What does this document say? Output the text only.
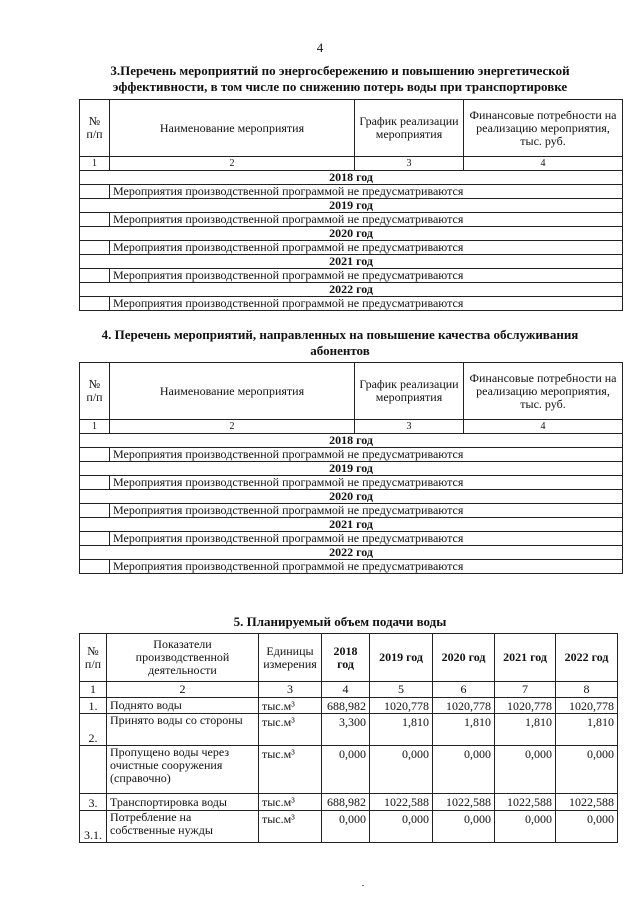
4
3.Перечень мероприятий по энергосбережению и повышению энергетической эффективности, в том числе по снижению потерь воды при транспортировке
№ п/п	Наименование мероприятия	График реализации мероприятия	Финансовые потребности на реализацию мероприятия, тыс. руб.
1	2	3	4
2018 год			
	Мероприятия производственной программой не предусматриваются		
2019 год			
	Мероприятия производственной программой не предусматриваются		
2020 год			
	Мероприятия производственной программой не предусматриваются		
2021 год			
	Мероприятия производственной программой не предусматриваются		
2022 год			
	Мероприятия производственной программой не предусматриваются		
4. Перечень мероприятий, направленных на повышение качества обслуживания абонентов
№ п/п	Наименование мероприятия	График реализации мероприятия	Финансовые потребности на реализацию мероприятия, тыс. руб.
1	2	3	4
2018 год			
	Мероприятия производственной программой не предусматриваются		
2019 год			
	Мероприятия производственной программой не предусматриваются		
2020 год			
	Мероприятия производственной программой не предусматриваются		
2021 год			
	Мероприятия производственной программой не предусматриваются		
2022 год			
	Мероприятия производственной программой не предусматриваются		
5. Планируемый объем подачи воды
№ п/п	Показатели производственной деятельности	Единицы измерения	2018 год	2019 год	2020 год	2021 год	2022 год
1	2	3	4	5	6	7	8
1.	Поднято воды	тыс.м³	688,982	1020,778	1020,778	1020,778	1020,778
2.	Принято воды со стороны	тыс.м³	3,300	1,810	1,810	1,810	1,810
	Пропущено воды через очистные сооружения (справочно)	тыс.м³	0,000	0,000	0,000	0,000	0,000
3.	Транспортировка воды	тыс.м³	688,982	1022,588	1022,588	1022,588	1022,588
3.1.	Потребление на собственные нужды	тыс.м³	0,000	0,000	0,000	0,000	0,000
